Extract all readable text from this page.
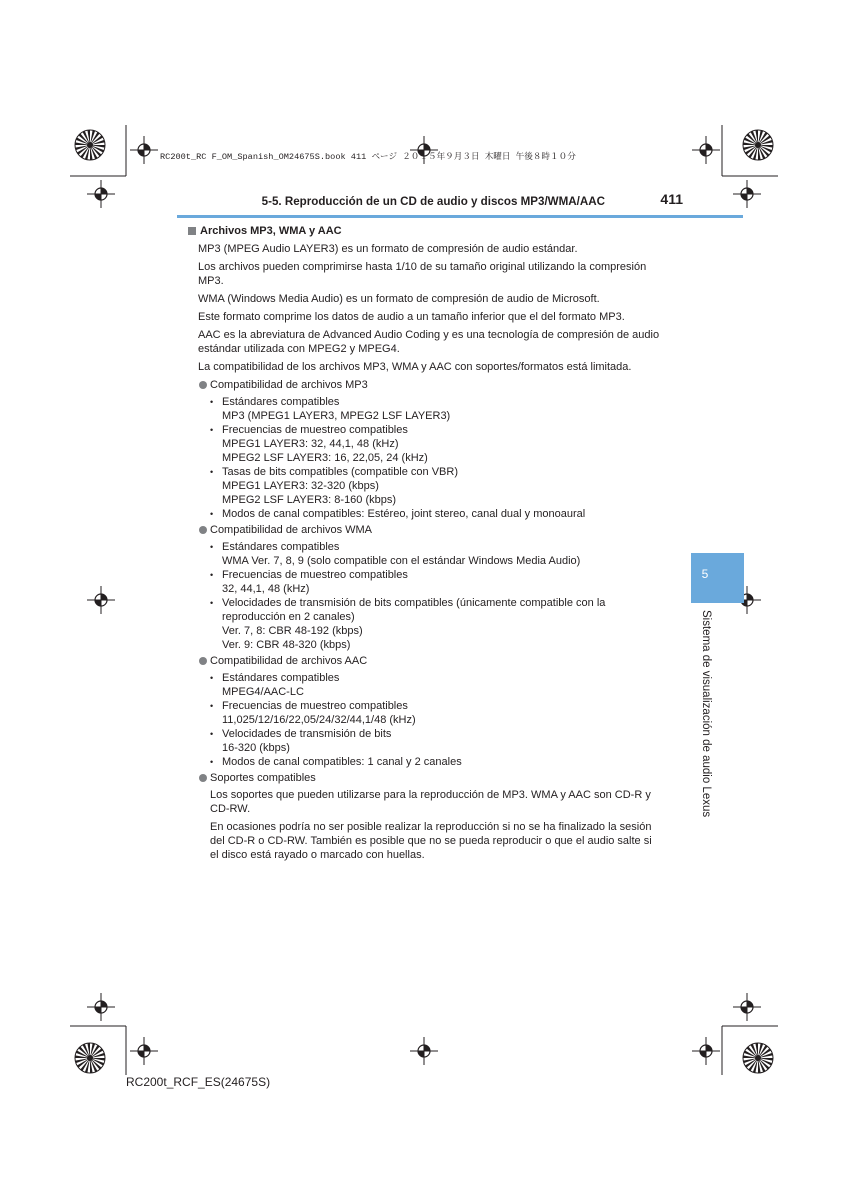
RC200t_RC F_OM_Spanish_OM24675S.book 411 ページ ２０１５年９月３日 木曜日 午後８時１０分
5-5. Reproducción de un CD de audio y discos MP3/WMA/AAC	411

Archivos MP3, WMA y AAC

MP3 (MPEG Audio LAYER3) es un formato de compresión de audio estándar.

Los archivos pueden comprimirse hasta 1/10 de su tamaño original utilizando la compresión MP3.

WMA (Windows Media Audio) es un formato de compresión de audio de Microsoft.

Este formato comprime los datos de audio a un tamaño inferior que el del formato MP3.

AAC es la abreviatura de Advanced Audio Coding y es una tecnología de compresión de audio estándar utilizada con MPEG2 y MPEG4.

La compatibilidad de los archivos MP3, WMA y AAC con soportes/formatos está limitada.

Compatibilidad de archivos MP3

• Estándares compatibles
MP3 (MPEG1 LAYER3, MPEG2 LSF LAYER3)
• Frecuencias de muestreo compatibles
MPEG1 LAYER3: 32, 44,1, 48 (kHz)
MPEG2 LSF LAYER3: 16, 22,05, 24 (kHz)
• Tasas de bits compatibles (compatible con VBR)
MPEG1 LAYER3: 32-320 (kbps)
MPEG2 LSF LAYER3: 8-160 (kbps)
• Modos de canal compatibles: Estéreo, joint stereo, canal dual y monoaural

Compatibilidad de archivos WMA

• Estándares compatibles
WMA Ver. 7, 8, 9 (solo compatible con el estándar Windows Media Audio)
• Frecuencias de muestreo compatibles
32, 44,1, 48 (kHz)
• Velocidades de transmisión de bits compatibles (únicamente compatible con la reproducción en 2 canales)
Ver. 7, 8: CBR 48-192 (kbps)
Ver. 9: CBR 48-320 (kbps)

Compatibilidad de archivos AAC

• Estándares compatibles
MPEG4/AAC-LC
• Frecuencias de muestreo compatibles
11,025/12/16/22,05/24/32/44,1/48 (kHz)
• Velocidades de transmisión de bits
16-320 (kbps)
• Modos de canal compatibles: 1 canal y 2 canales

Soportes compatibles

Los soportes que pueden utilizarse para la reproducción de MP3. WMA y AAC son CD-R y CD-RW.

En ocasiones podría no ser posible realizar la reproducción si no se ha finalizado la sesión del CD-R o CD-RW. También es posible que no se pueda reproducir o que el audio salte si el disco está rayado o marcado con huellas.

5
Sistema de visualización de audio Lexus
RC200t_RCF_ES(24675S)
